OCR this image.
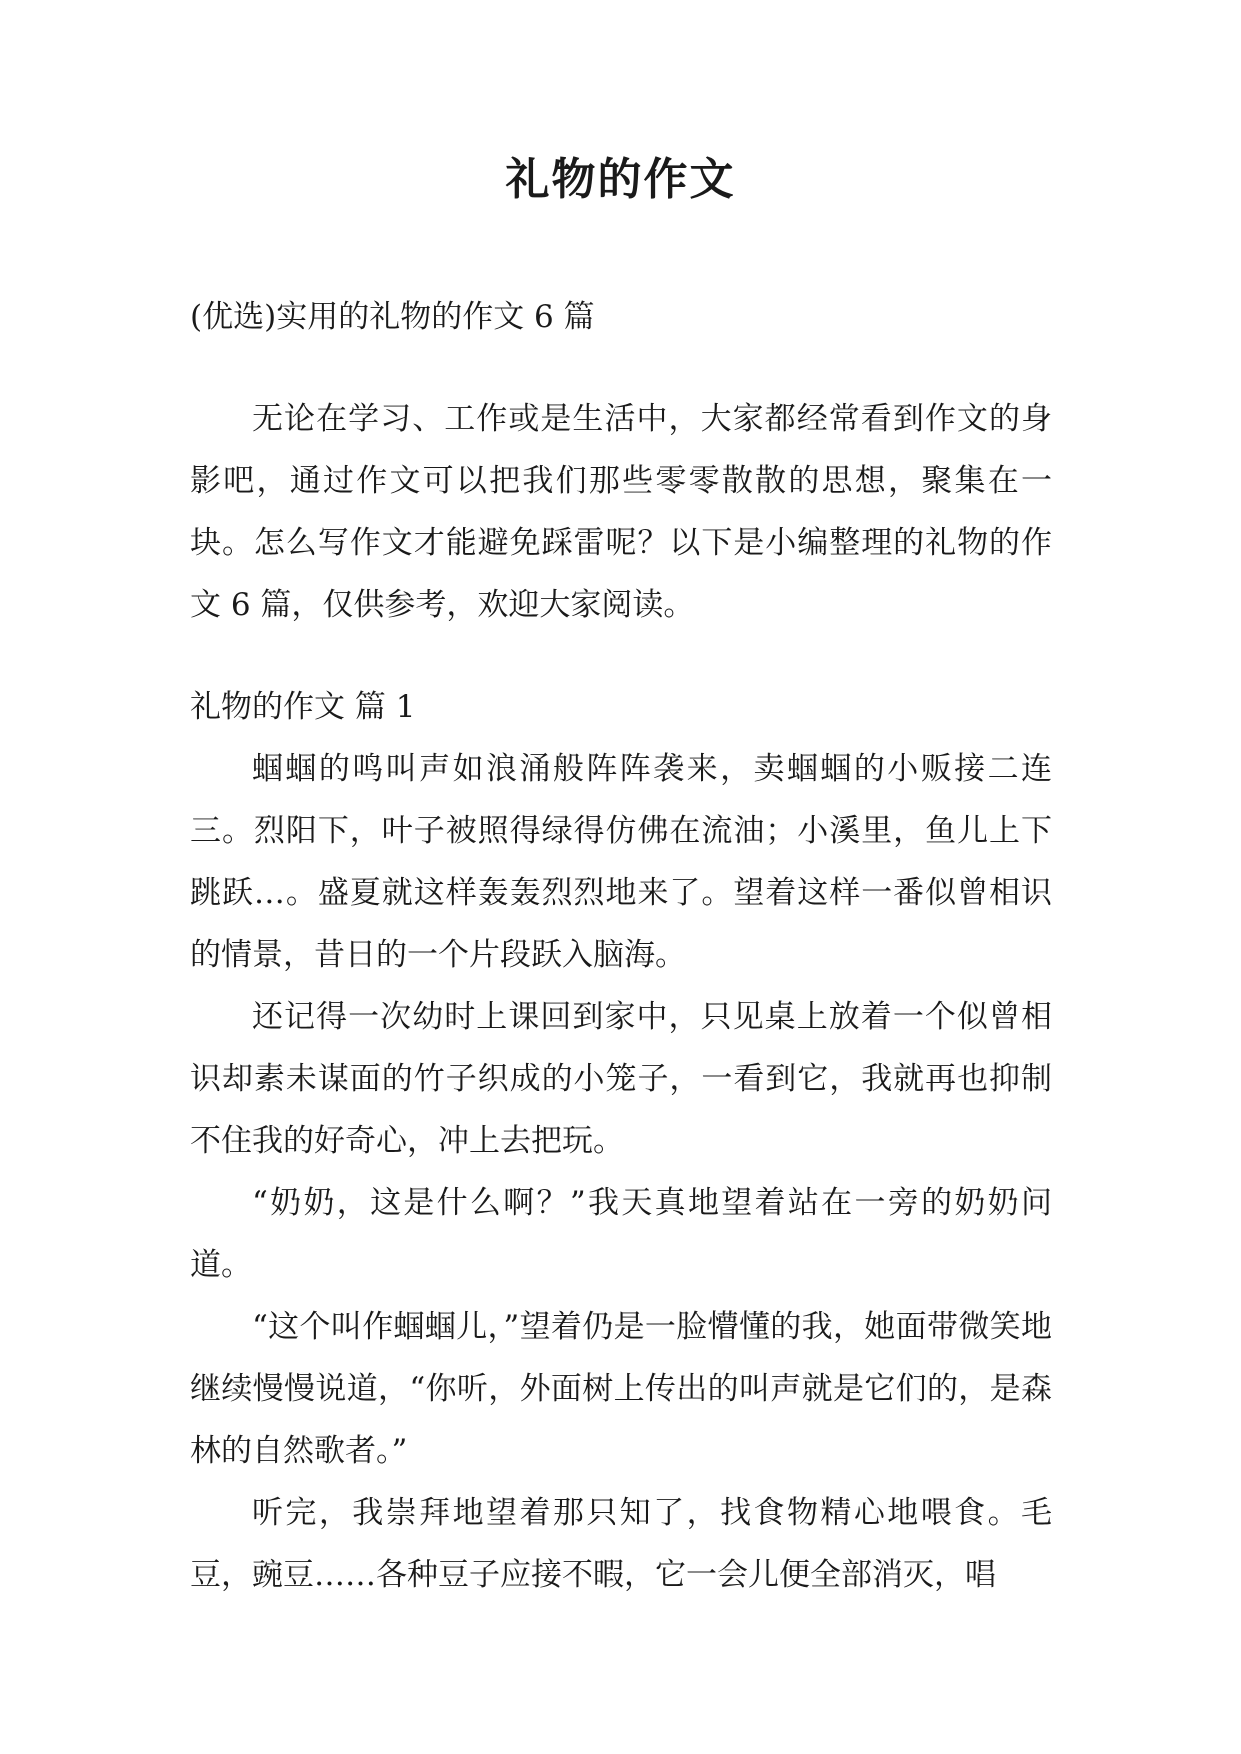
礼物的作文

(优选)实用的礼物的作文 6 篇

无论在学习、工作或是生活中，大家都经常看到作文的身影吧，通过作文可以把我们那些零零散散的思想，聚集在一块。怎么写作文才能避免踩雷呢？以下是小编整理的礼物的作文 6 篇，仅供参考，欢迎大家阅读。

礼物的作文 篇 1

蝈蝈的鸣叫声如浪涌般阵阵袭来，卖蝈蝈的小贩接二连三。烈阳下，叶子被照得绿得仿佛在流油；小溪里，鱼儿上下跳跃…。盛夏就这样轰轰烈烈地来了。望着这样一番似曾相识的情景，昔日的一个片段跃入脑海。

还记得一次幼时上课回到家中，只见桌上放着一个似曾相识却素未谋面的竹子织成的小笼子，一看到它，我就再也抑制不住我的好奇心，冲上去把玩。

“奶奶，这是什么啊？”我天真地望着站在一旁的奶奶问道。

“这个叫作蝈蝈儿，”望着仍是一脸懵懂的我，她面带微笑地继续慢慢说道，“你听，外面树上传出的叫声就是它们的，是森林的自然歌者。”

听完，我崇拜地望着那只知了，找食物精心地喂食。毛豆，豌豆……各种豆子应接不暇，它一会儿便全部消灭，唱
